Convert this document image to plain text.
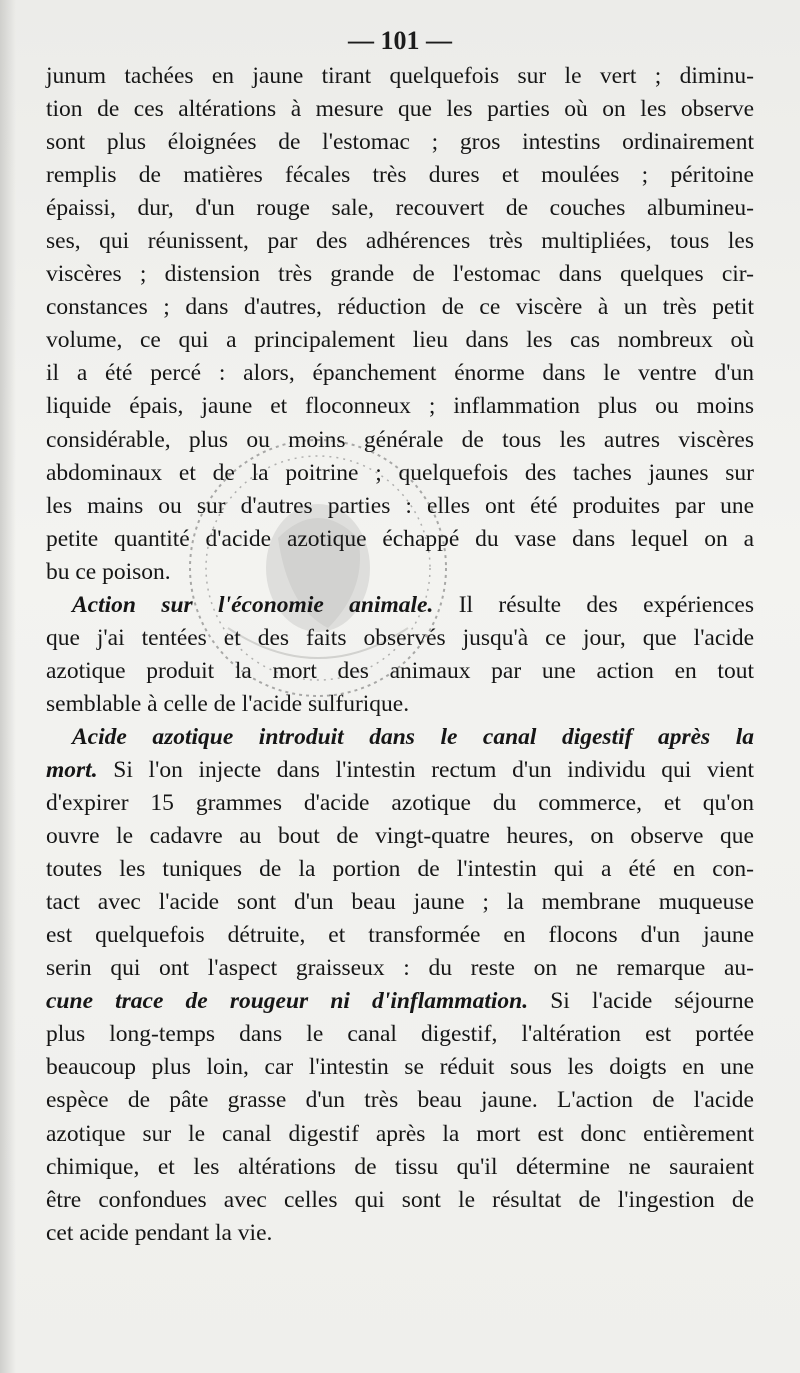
— 101 —
junum tachées en jaune tirant quelquefois sur le vert ; diminu-
tion de ces altérations à mesure que les parties où on les observe
sont plus éloignées de l'estomac ; gros intestins ordinairement
remplis de matières fécales très dures et moulées ; péritoine
épaissi, dur, d'un rouge sale, recouvert de couches albumineu-
ses, qui réunissent, par des adhérences très multipliées, tous les
viscères ; distension très grande de l'estomac dans quelques cir-
constances ; dans d'autres, réduction de ce viscère à un très petit
volume, ce qui a principalement lieu dans les cas nombreux où
il a été percé : alors, épanchement énorme dans le ventre d'un
liquide épais, jaune et floconneux ; inflammation plus ou moins
considérable, plus ou moins générale de tous les autres viscères
abdominaux et de la poitrine ; quelquefois des taches jaunes sur
les mains ou sur d'autres parties : elles ont été produites par une
petite quantité d'acide azotique échappé du vase dans lequel on a
bu ce poison.
Action sur l'économie animale. Il résulte des expériences
que j'ai tentées et des faits observés jusqu'à ce jour, que l'acide
azotique produit la mort des animaux par une action en tout
semblable à celle de l'acide sulfurique.
Acide azotique introduit dans le canal digestif après la
mort. Si l'on injecte dans l'intestin rectum d'un individu qui vient
d'expirer 15 grammes d'acide azotique du commerce, et qu'on
ouvre le cadavre au bout de vingt-quatre heures, on observe que
toutes les tuniques de la portion de l'intestin qui a été en con-
tact avec l'acide sont d'un beau jaune ; la membrane muqueuse
est quelquefois détruite, et transformée en flocons d'un jaune
serin qui ont l'aspect graisseux : du reste on ne remarque au-
cune trace de rougeur ni d'inflammation. Si l'acide séjourne
plus long-temps dans le canal digestif, l'altération est portée
beaucoup plus loin, car l'intestin se réduit sous les doigts en une
espèce de pâte grasse d'un très beau jaune. L'action de l'acide
azotique sur le canal digestif après la mort est donc entièrement
chimique, et les altérations de tissu qu'il détermine ne sauraient
être confondues avec celles qui sont le résultat de l'ingestion de
cet acide pendant la vie.
